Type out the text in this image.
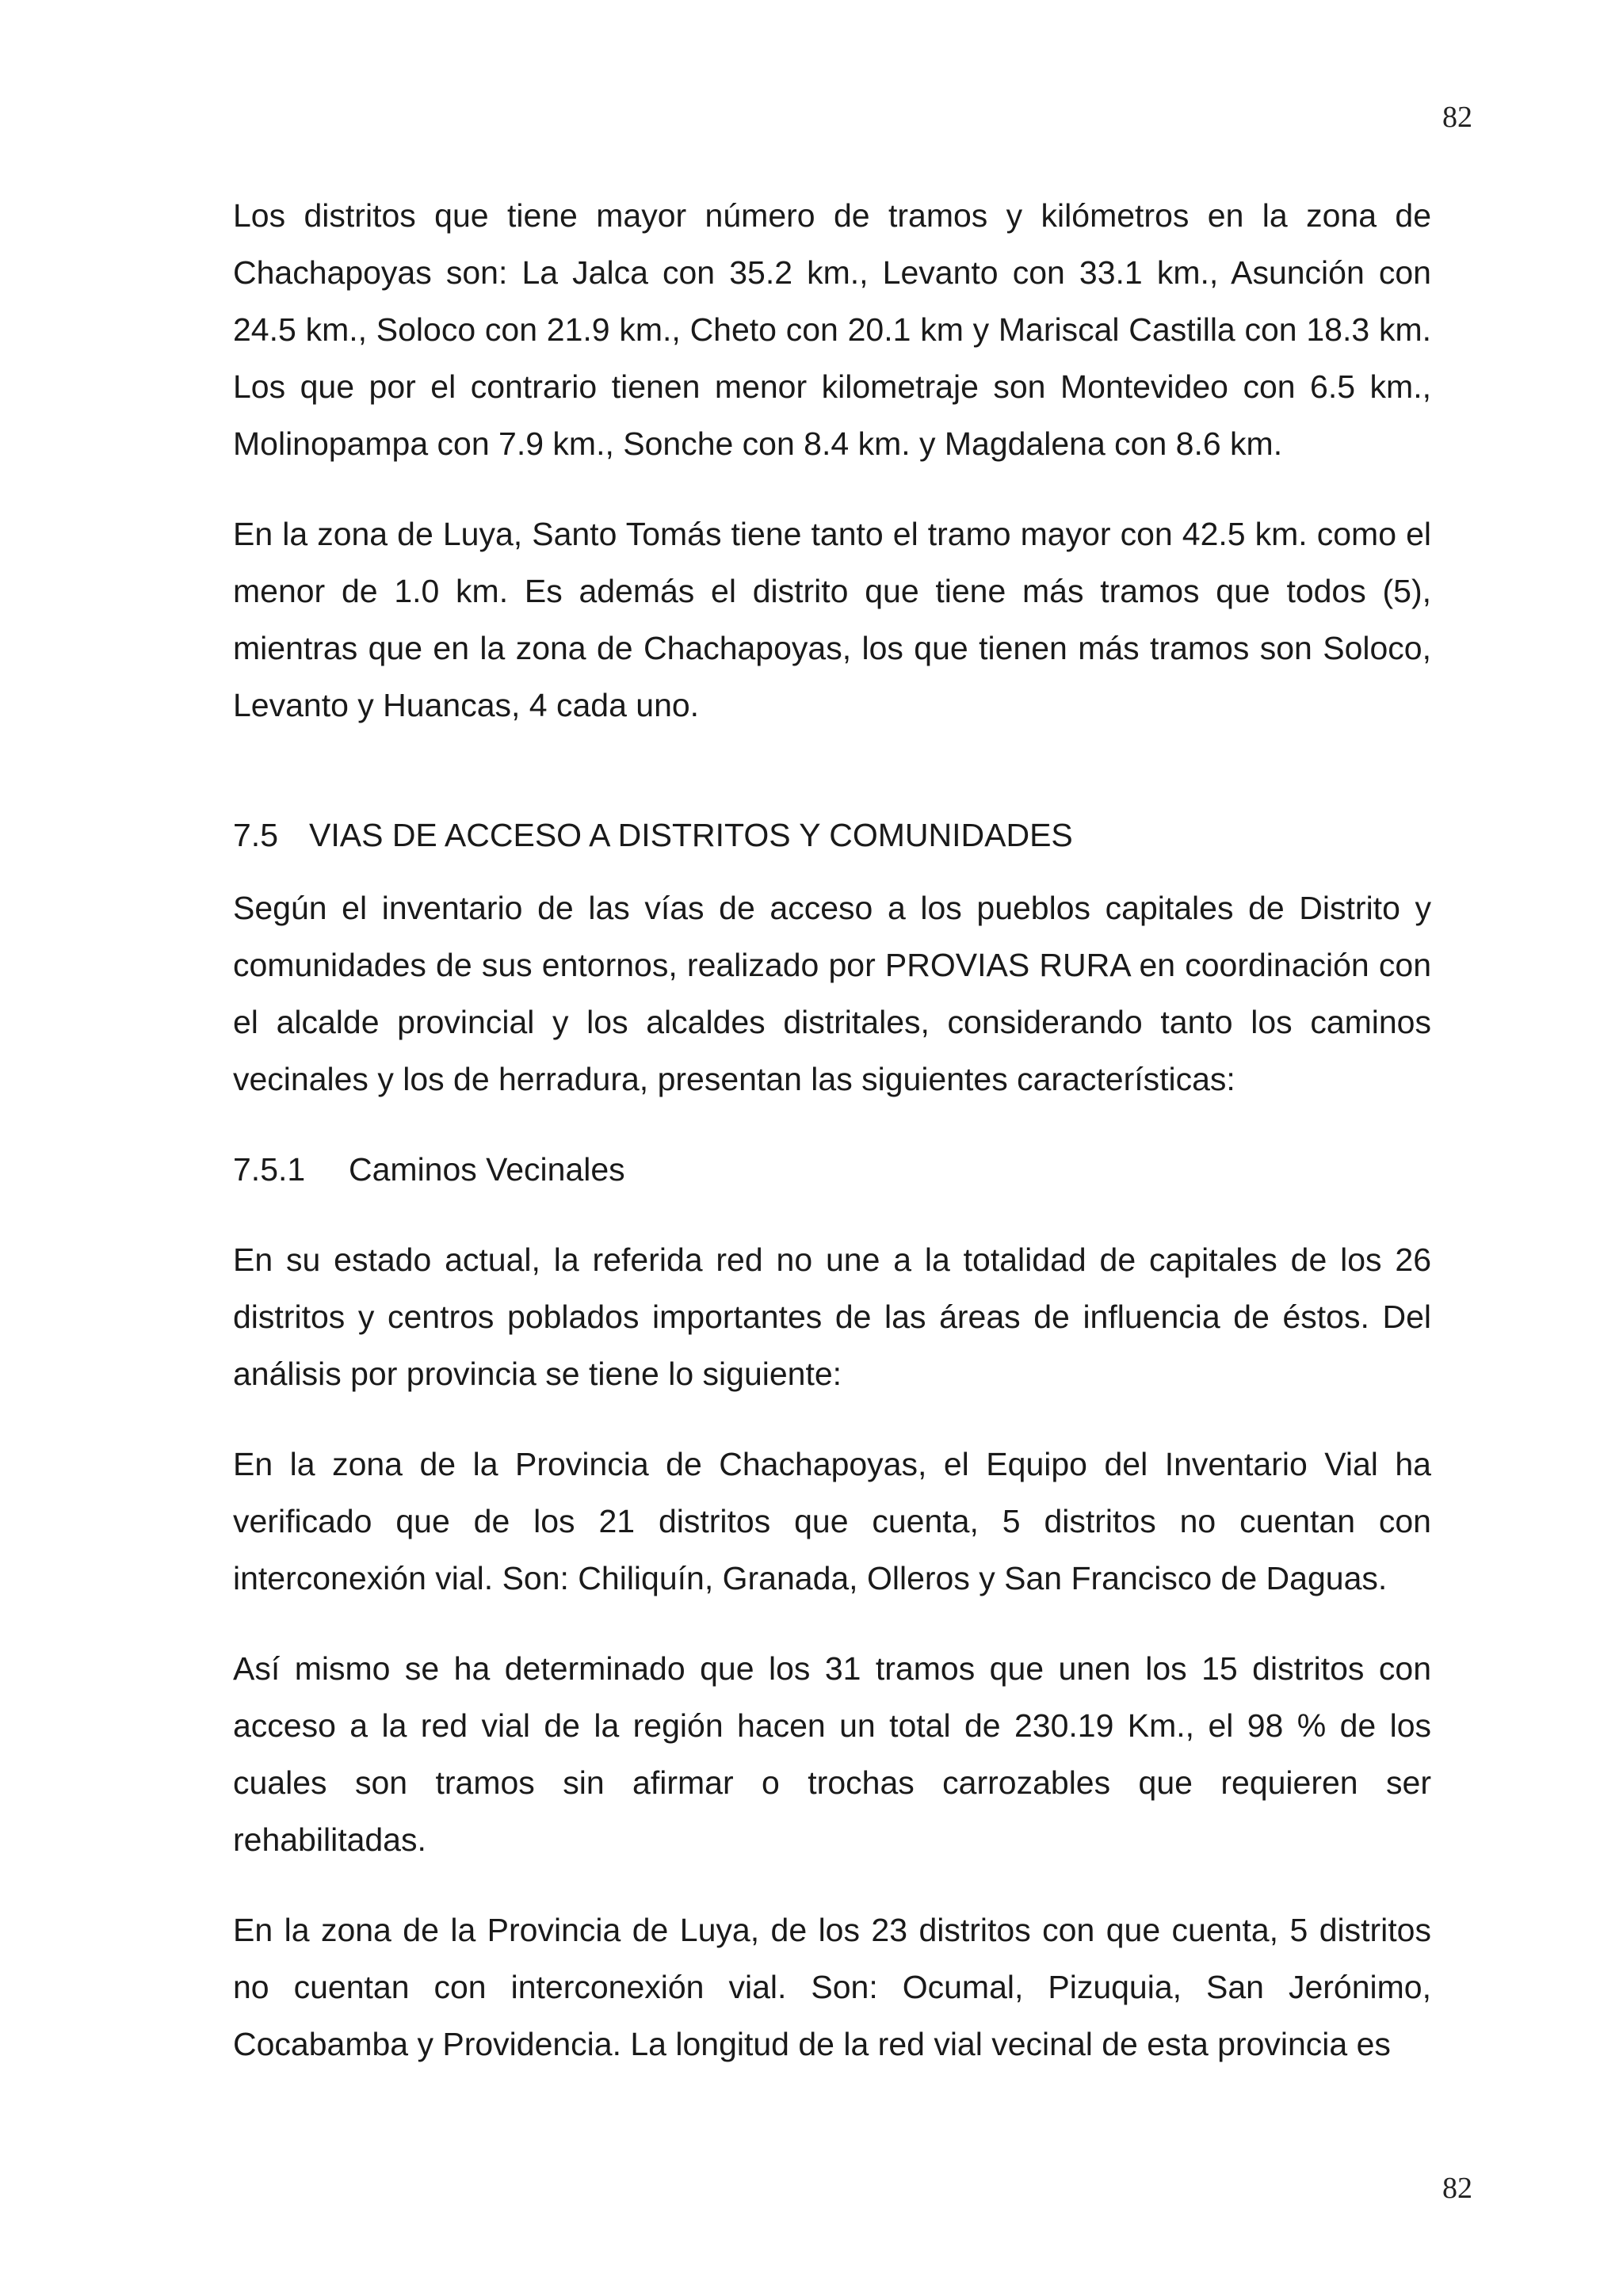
82

Los distritos que tiene mayor número de tramos y kilómetros en la zona de Chachapoyas son: La Jalca con 35.2 km., Levanto con 33.1 km., Asunción con 24.5 km., Soloco con 21.9 km., Cheto con 20.1 km y Mariscal Castilla con 18.3 km. Los que por el contrario tienen menor kilometraje son Montevideo con 6.5 km., Molinopampa con 7.9 km., Sonche con 8.4 km. y Magdalena con 8.6 km.

En la zona de Luya, Santo Tomás tiene tanto el tramo mayor con 42.5 km. como el menor de 1.0 km. Es además el distrito que tiene más tramos que todos (5), mientras que en la zona de Chachapoyas, los que tienen más tramos son Soloco, Levanto y Huancas, 4 cada uno.

7.5 VIAS DE ACCESO A DISTRITOS Y COMUNIDADES

Según el inventario de las vías de acceso a los pueblos capitales de Distrito y comunidades de sus entornos, realizado por PROVIAS RURA en coordinación con el alcalde provincial y los alcaldes distritales, considerando tanto los caminos vecinales y los de herradura, presentan las siguientes características:

7.5.1 Caminos Vecinales

En su estado actual, la referida red no une a la totalidad de capitales de los 26 distritos y centros poblados importantes de las áreas de influencia de éstos. Del análisis por provincia se tiene lo siguiente:

En la zona de la Provincia de Chachapoyas, el Equipo del Inventario Vial ha verificado que de los 21 distritos que cuenta, 5 distritos no cuentan con interconexión vial. Son: Chiliquín, Granada, Olleros y San Francisco de Daguas.

Así mismo se ha determinado que los 31 tramos que unen los 15 distritos con acceso a la red vial de la región hacen un total de 230.19 Km., el 98 % de los cuales son tramos sin afirmar o trochas carrozables que requieren ser rehabilitadas.

En la zona de la Provincia de Luya, de los 23 distritos con que cuenta, 5 distritos no cuentan con interconexión vial. Son: Ocumal, Pizuquia, San Jerónimo, Cocabamba y Providencia. La longitud de la red vial vecinal de esta provincia es

82
